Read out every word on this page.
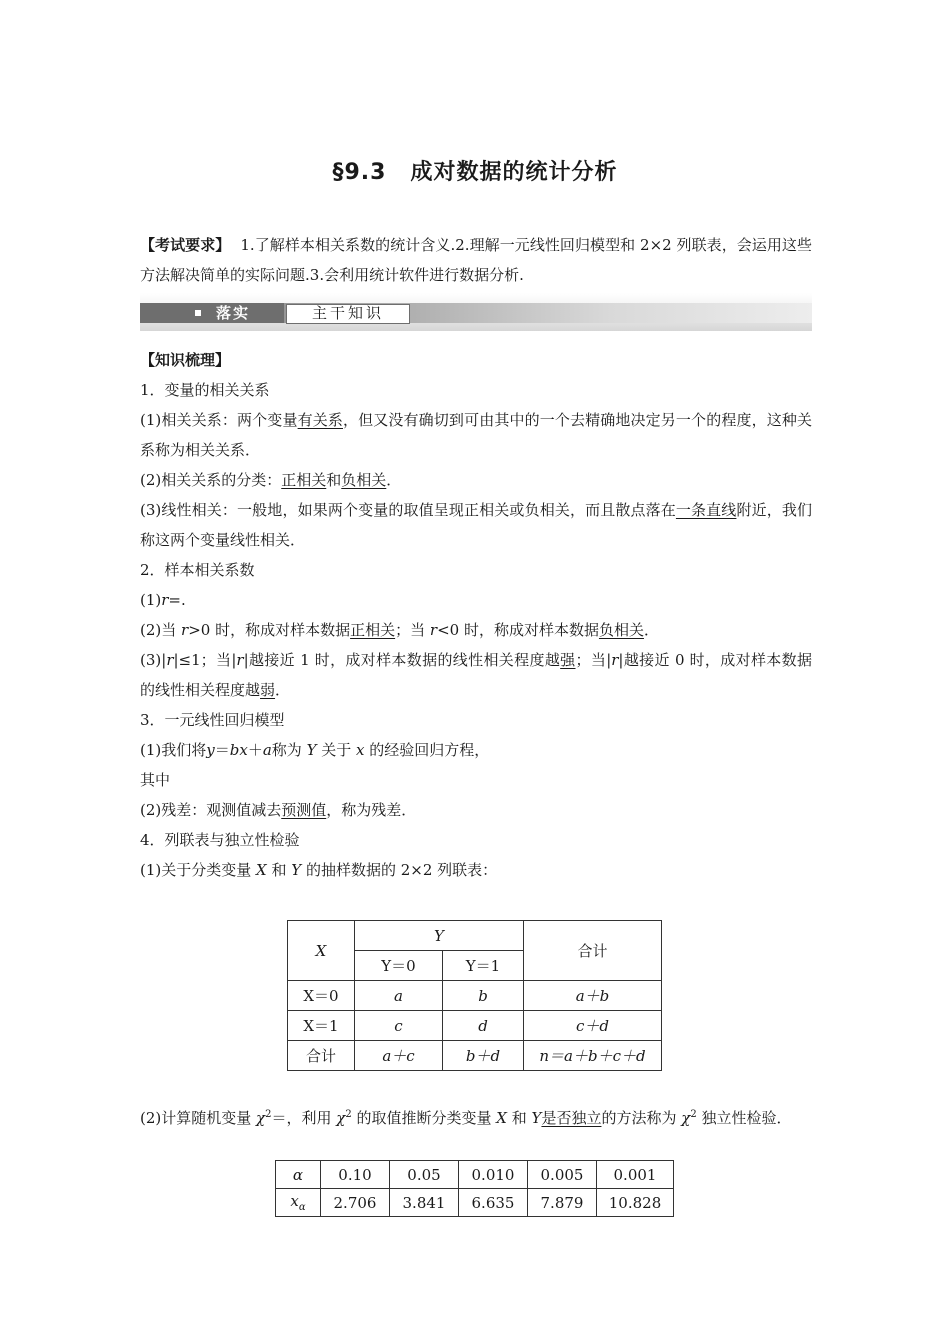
§9.3 成对数据的统计分析
【考试要求】 1.了解样本相关系数的统计含义.2.理解一元线性回归模型和 2×2 列联表，会运用这些方法解决简单的实际问题.3.会利用统计软件进行数据分析.
落实	主干知识

【知识梳理】

1．变量的相关关系

(1)相关关系：两个变量有关系，但又没有确切到可由其中的一个去精确地决定另一个的程度，这种关系称为相关关系．

(2)相关关系的分类：正相关和负相关．

(3)线性相关：一般地，如果两个变量的取值呈现正相关或负相关，而且散点落在一条直线附近，我们称这两个变量线性相关．

2．样本相关系数

(1)r=.

(2)当 r>0 时，称成对样本数据正相关；当 r<0 时，称成对样本数据负相关．

(3)|r|≤1；当|r|越接近 1 时，成对样本数据的线性相关程度越强；当|r|越接近 0 时，成对样本数据的线性相关程度越弱．

3．一元线性回归模型

(1)我们将y＝bx＋a称为 Y 关于 x 的经验回归方程，

其中

(2)残差：观测值减去预测值，称为残差．

4．列联表与独立性检验

(1)关于分类变量 X 和 Y 的抽样数据的 2×2 列联表：

X	Y		合计
	Y＝0	Y＝1	
X＝0	a	b	a＋b
X＝1	c	d	c＋d
合计	a＋c	b＋d	n＝a＋b＋c＋d
(2)计算随机变量 $\chi^2=$，利用 $\chi^2$ 的取值推断分类变量 X 和 Y是否独立的方法称为 $\chi^2$ 独立性检验．
α	0.10	0.05	0.010	0.005	0.001
$x_\alpha$	2.706	3.841	6.635	7.879	10.828
